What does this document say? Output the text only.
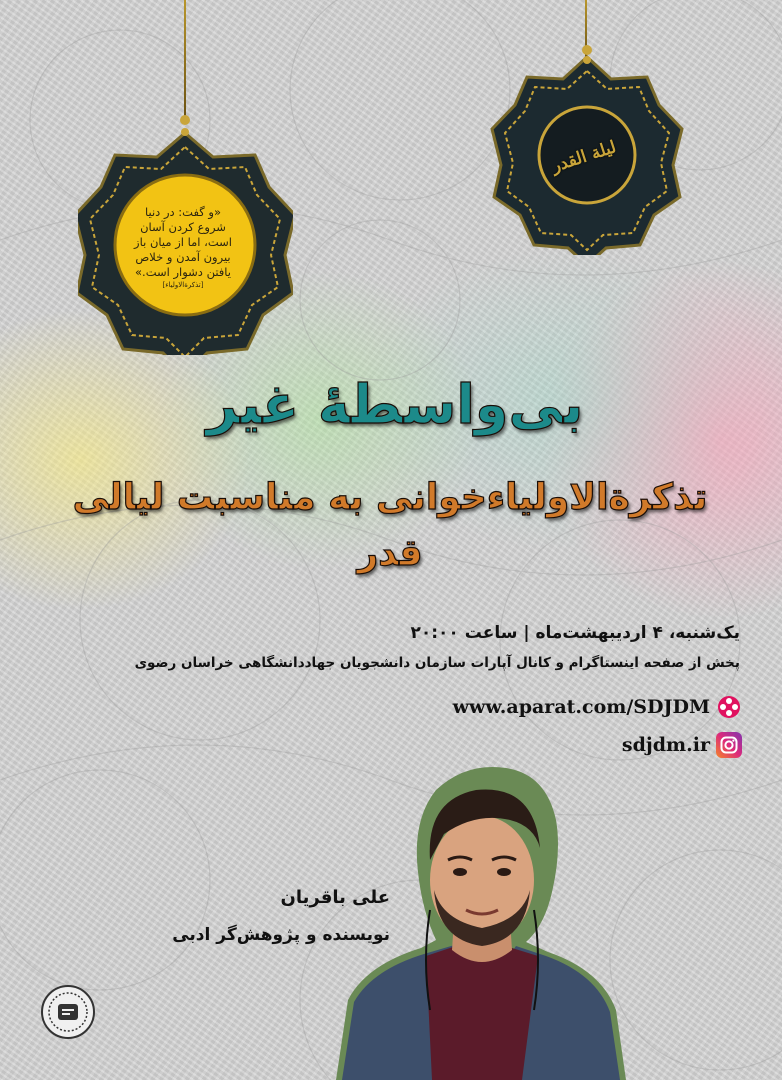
«و گفت: در دنیا
شروع کردن آسان
است، اما از میان باز
بیرون آمدن و خلاص
یافتن دشوار است.»
[تذکرةالاولیاء]
لیلة القدر
بی‌واسطهٔ غیر
تذکرةالاولیاءخوانی به مناسبت لیالی قدر
یک‌شنبه، ۴ اردیبهشت‌ماه | ساعت ۲۰:۰۰
پخش از صفحه اینستاگرام و کانال آپارات سازمان دانشجویان جهاددانشگاهی خراسان رضوی
www.aparat.com/SDJDM
sdjdm.ir
علی باقریان
نویسنده و پژوهش‌گر ادبی
